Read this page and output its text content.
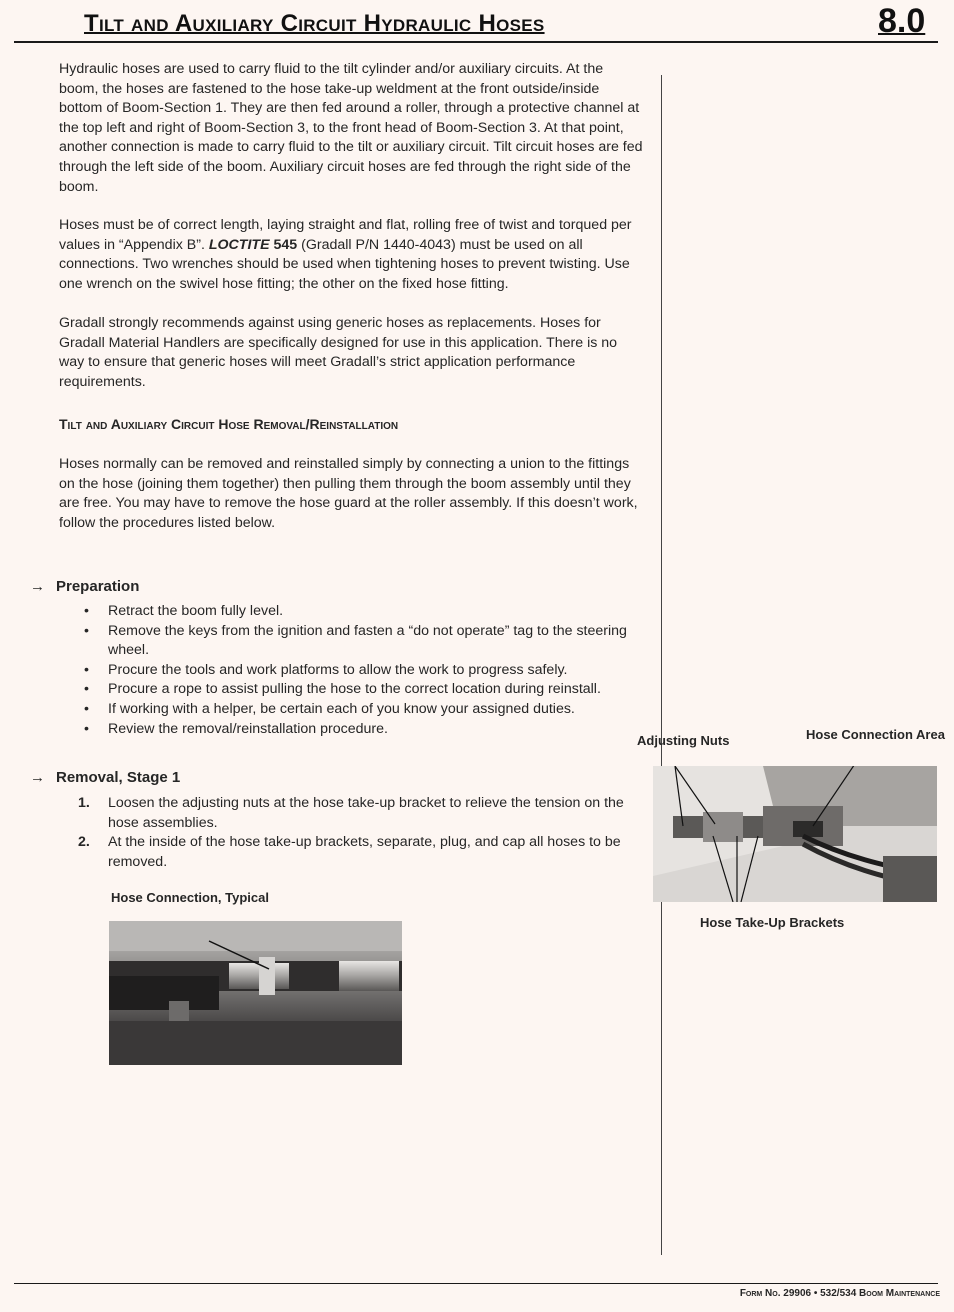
Tilt and Auxiliary Circuit Hydraulic Hoses	8.0

Hydraulic hoses are used to carry fluid to the tilt cylinder and/or auxiliary circuits. At the boom, the hoses are fastened to the hose take-up weldment at the front outside/inside bottom of Boom-Section 1. They are then fed around a roller, through a protective channel at the top left and right of Boom-Section 3, to the front head of Boom-Section 3. At that point, another connection is made to carry fluid to the tilt or auxiliary circuit. Tilt circuit hoses are fed through the left side of the boom. Auxiliary circuit hoses are fed through the right side of the boom.

Hoses must be of correct length, laying straight and flat, rolling free of twist and torqued per values in “Appendix B”. LOCTITE 545 (Gradall P/N 1440-4043) must be used on all connections. Two wrenches should be used when tightening hoses to prevent twisting. Use one wrench on the swivel hose fitting; the other on the fixed hose fitting.

Gradall strongly recommends against using generic hoses as replacements. Hoses for Gradall Material Handlers are specifically designed for use in this application. There is no way to ensure that generic hoses will meet Gradall’s strict application performance requirements.

Tilt and Auxiliary Circuit Hose Removal/Reinstallation

Hoses normally can be removed and reinstalled simply by connecting a union to the fittings on the hose (joining them together) then pulling them through the boom assembly until they are free. You may have to remove the hose guard at the roller assembly. If this doesn’t work, follow the procedures listed below.

→ Preparation
• Retract the boom fully level.
• Remove the keys from the ignition and fasten a “do not operate” tag to the steering wheel.
• Procure the tools and work platforms to allow the work to progress safely.
• Procure a rope to assist pulling the hose to the correct location during reinstall.
• If working with a helper, be certain each of you know your assigned duties.
• Review the removal/reinstallation procedure.
→ Removal, Stage 1
1. Loosen the adjusting nuts at the hose take-up bracket to relieve the tension on the hose assemblies.
2. At the inside of the hose take-up brackets, separate, plug, and cap all hoses to be removed.
Hose Connection, Typical
Adjusting Nuts	Hose Connection Area
Hose Take-Up Brackets
Form No. 29906 • 532/534 Boom Maintenance
